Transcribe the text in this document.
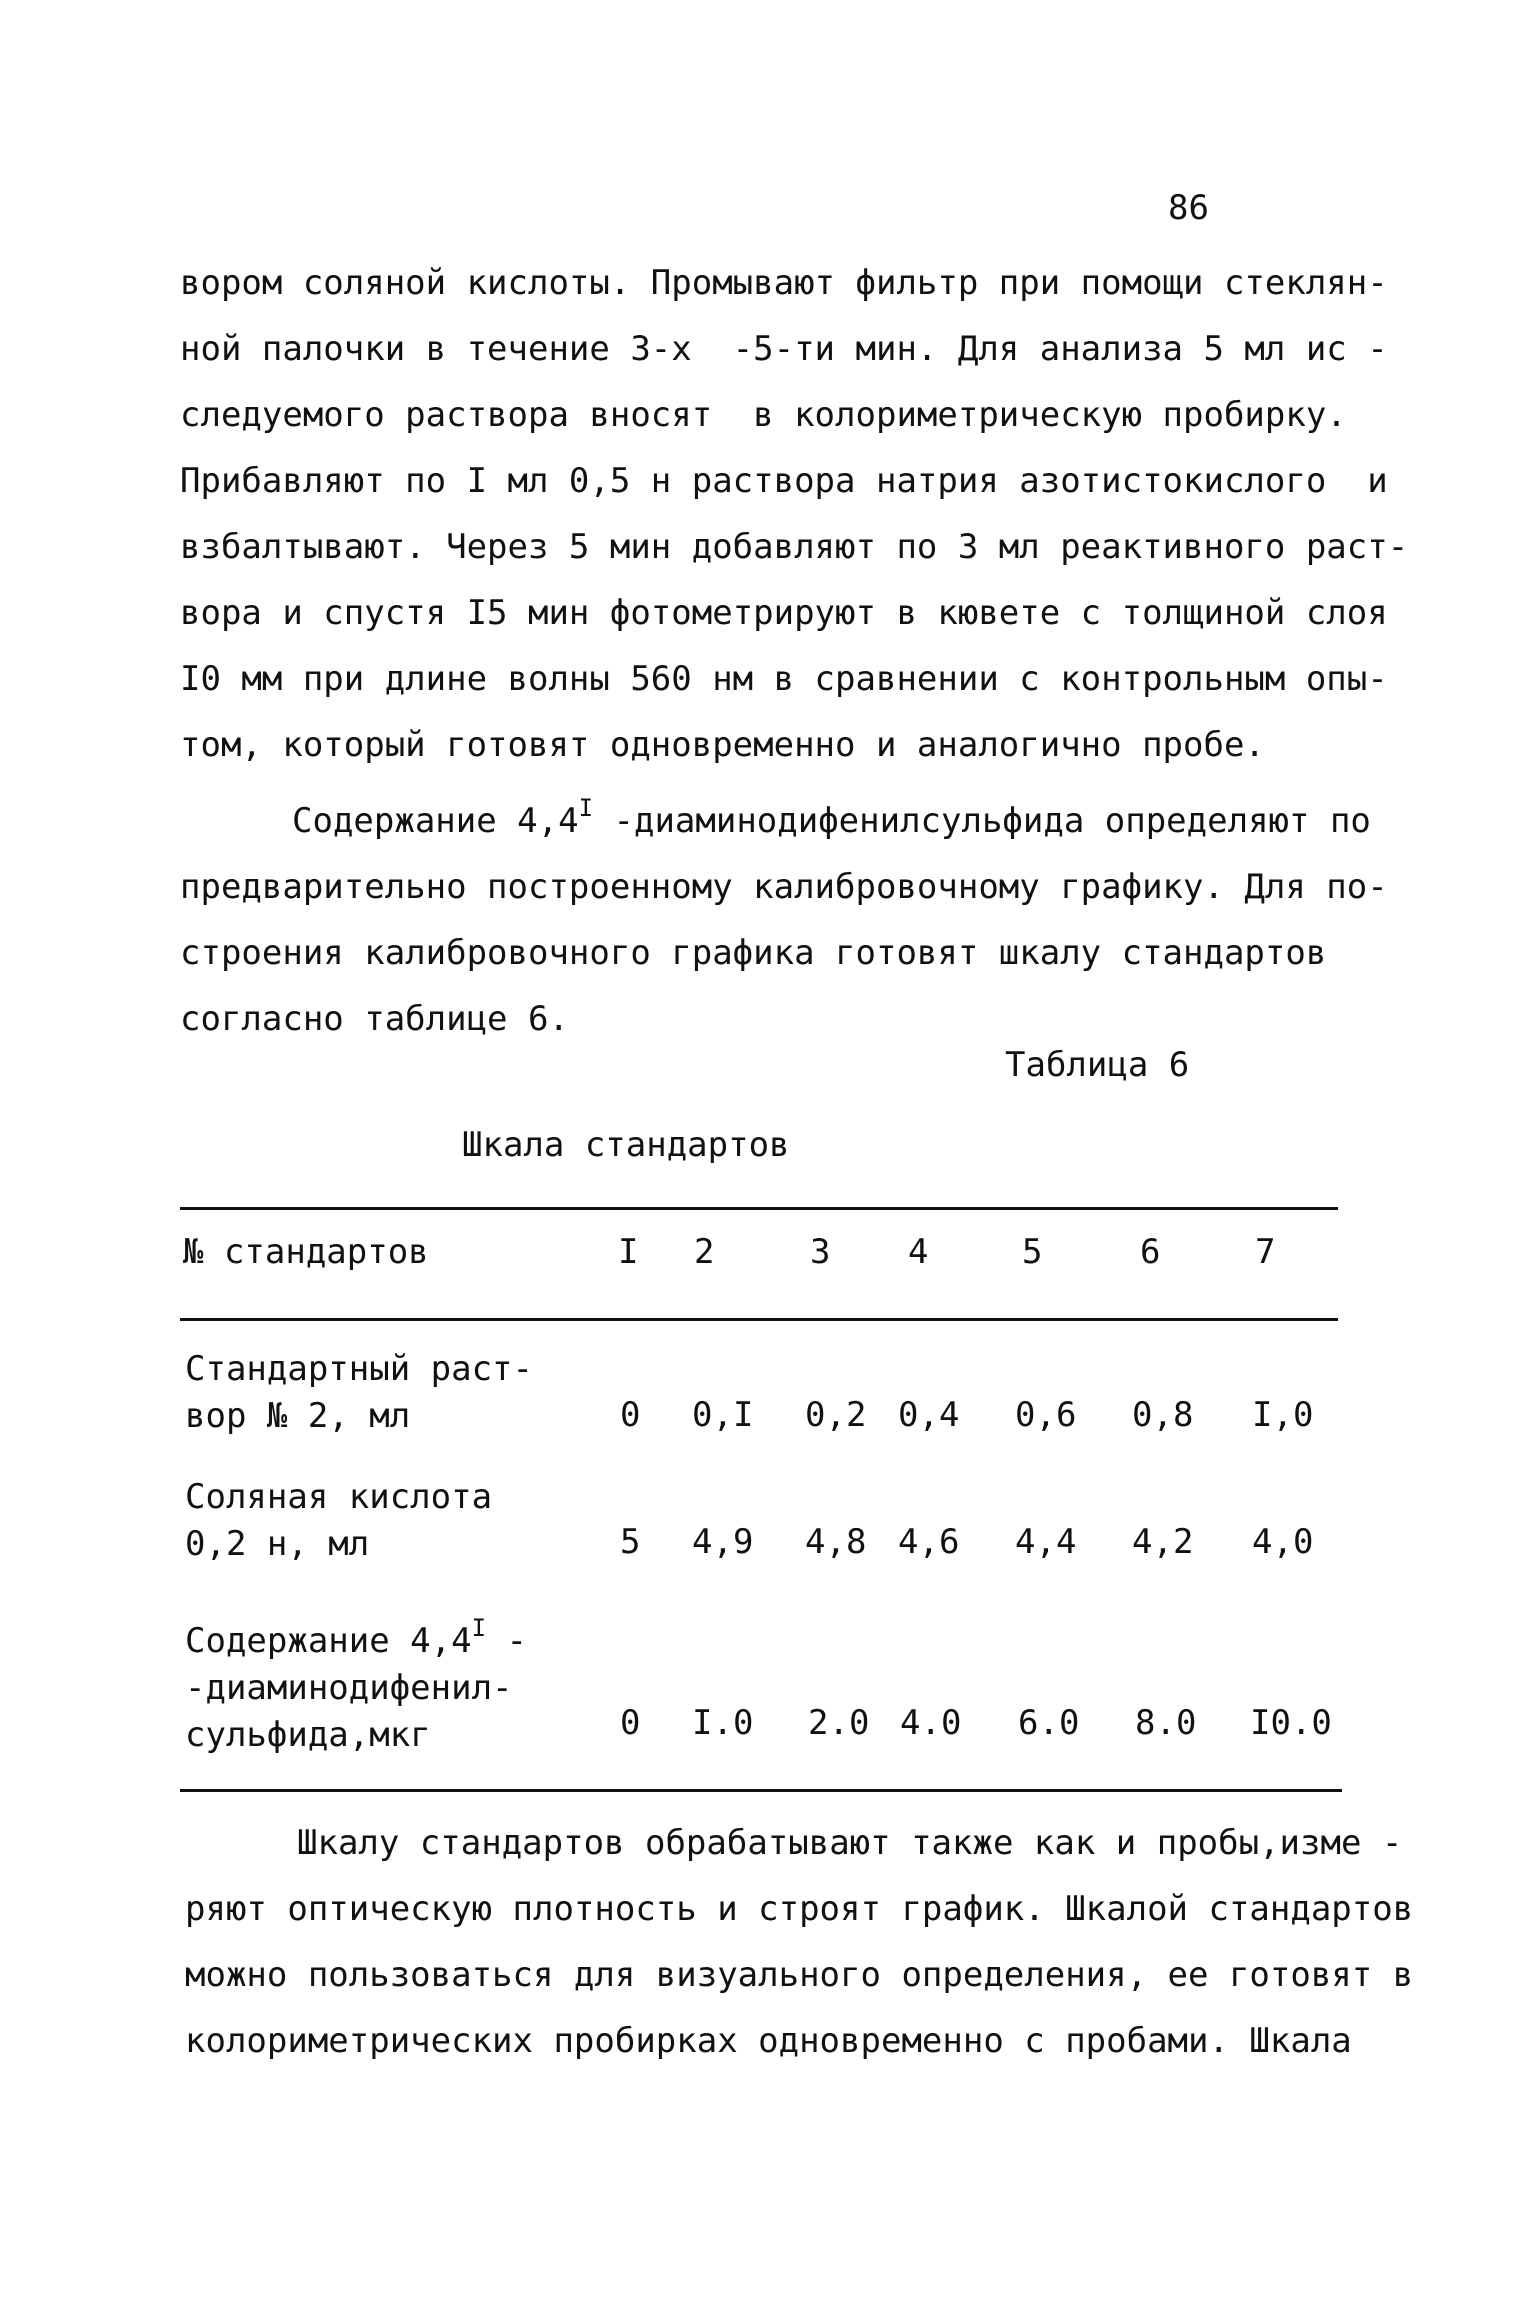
86
вором соляной кислоты. Промывают фильтр при помощи стеклян-
ной палочки в течение 3-х  -5-ти мин. Для анализа 5 мл ис -
следуемого раствора вносят  в колориметрическую пробирку.
Прибавляют по I мл 0,5 н раствора натрия азотистокислого  и
взбалтывают. Через 5 мин добавляют по 3 мл реактивного раст-
вора и спустя I5 мин фотометрируют в кювете с толщиной слоя
I0 мм при длине волны 560 нм в сравнении с контрольным опы-
том, который готовят одновременно и аналогично пробе.
Содержание $4,4^I$ -диаминодифенилсульфида определяют по
предварительно построенному калибровочному графику. Для по-
строения калибровочного графика готовят шкалу стандартов
согласно таблице 6.
Таблица 6
Шкала стандартов
№ стандартов	I 2	3 4	5	6	7
Стандартный раст-
вор № 2, мл	0 0,I 0,2 0,4 0,6 0,8 I,0
Соляная кислота
0,2 н, мл	5 4,9 4,8 4,6 4,4 4,2 4,0
Содержание $4,4^I$ -
-диаминодифенил-
сульфида,мкг	0 I.0 2.0 4.0 6.0 8.0 I0.0
Шкалу стандартов обрабатывают также как и пробы,изме -
ряют оптическую плотность и строят график. Шкалой стандартов
можно пользоваться для визуального определения, ее готовят в
колориметрических пробирках одновременно с пробами. Шкала
